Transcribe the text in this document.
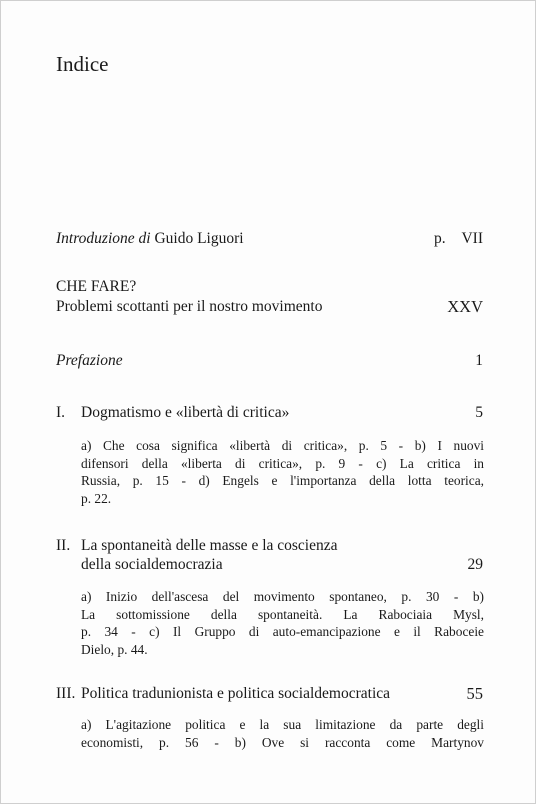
Indice
Introduzione di Guido Liguori	p. VII
CHE FARE?
Problemi scottanti per il nostro movimento	XXV
Prefazione	1
I. Dogmatismo e «libertà di critica»	5
a) Che cosa significa «libertà di critica», p. 5 - b) I nuovi
difensori della «liberta di critica», p. 9 - c) La critica in
Russia, p. 15 - d) Engels e l'importanza della lotta teorica,
p. 22.
II. La spontaneità delle masse e la coscienza
della socialdemocrazia	29
a) Inizio dell'ascesa del movimento spontaneo, p. 30 - b)
La sottomissione della spontaneità. La Rabociaia Mysl,
p. 34 - c) Il Gruppo di auto-emancipazione e il Raboceie
Dielo, p. 44.
III. Politica tradunionista e politica socialdemocratica	55
a) L'agitazione politica e la sua limitazione da parte degli
economisti, p. 56 - b) Ove si racconta come Martynov
